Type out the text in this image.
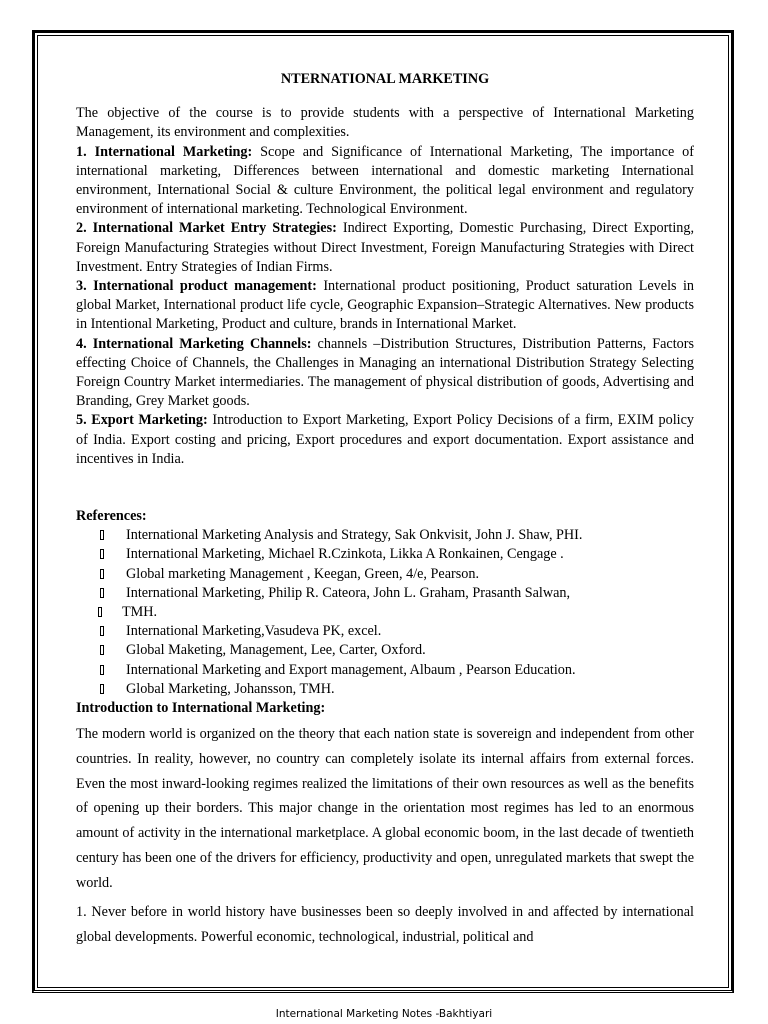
NTERNATIONAL MARKETING

The objective of the course is to provide students with a perspective of International Marketing Management, its environment and complexities.

1. International Marketing: Scope and Significance of International Marketing, The importance of international marketing, Differences between international and domestic marketing International environment, International Social & culture Environment, the political legal environment and regulatory environment of international marketing. Technological Environment.

2. International Market Entry Strategies: Indirect Exporting, Domestic Purchasing, Direct Exporting, Foreign Manufacturing Strategies without Direct Investment, Foreign Manufacturing Strategies with Direct Investment. Entry Strategies of Indian Firms.

3. International product management: International product positioning, Product saturation Levels in global Market, International product life cycle, Geographic Expansion–Strategic Alternatives. New products in Intentional Marketing, Product and culture, brands in International Market.

4. International Marketing Channels: channels –Distribution Structures, Distribution Patterns, Factors effecting Choice of Channels, the Challenges in Managing an international Distribution Strategy Selecting Foreign Country Market intermediaries. The management of physical distribution of goods, Advertising and Branding, Grey Market goods.

5. Export Marketing: Introduction to Export Marketing, Export Policy Decisions of a firm, EXIM policy of India. Export costing and pricing, Export procedures and export documentation. Export assistance and incentives in India.

References:
International Marketing Analysis and Strategy, Sak Onkvisit, John J. Shaw, PHI.
International Marketing, Michael R.Czinkota, Likka A Ronkainen, Cengage .
Global marketing Management , Keegan, Green, 4/e, Pearson.
International Marketing, Philip R. Cateora, John L. Graham, Prasanth Salwan,
TMH.
International Marketing,Vasudeva PK, excel.
Global Maketing, Management, Lee, Carter, Oxford.
International Marketing and Export management, Albaum , Pearson Education.
Global Marketing, Johansson, TMH.
Introduction to International Marketing:

The modern world is organized on the theory that each nation state is sovereign and independent from other countries. In reality, however, no country can completely isolate its internal affairs from external forces. Even the most inward-looking regimes realized the limitations of their own resources as well as the benefits of opening up their borders. This major change in the orientation most regimes has led to an enormous amount of activity in the international marketplace. A global economic boom, in the last decade of twentieth century has been one of the drivers for efficiency, productivity and open, unregulated markets that swept the world.

1. Never before in world history have businesses been so deeply involved in and affected by international global developments. Powerful economic, technological, industrial, political and

International Marketing Notes -Bakhtiyari
